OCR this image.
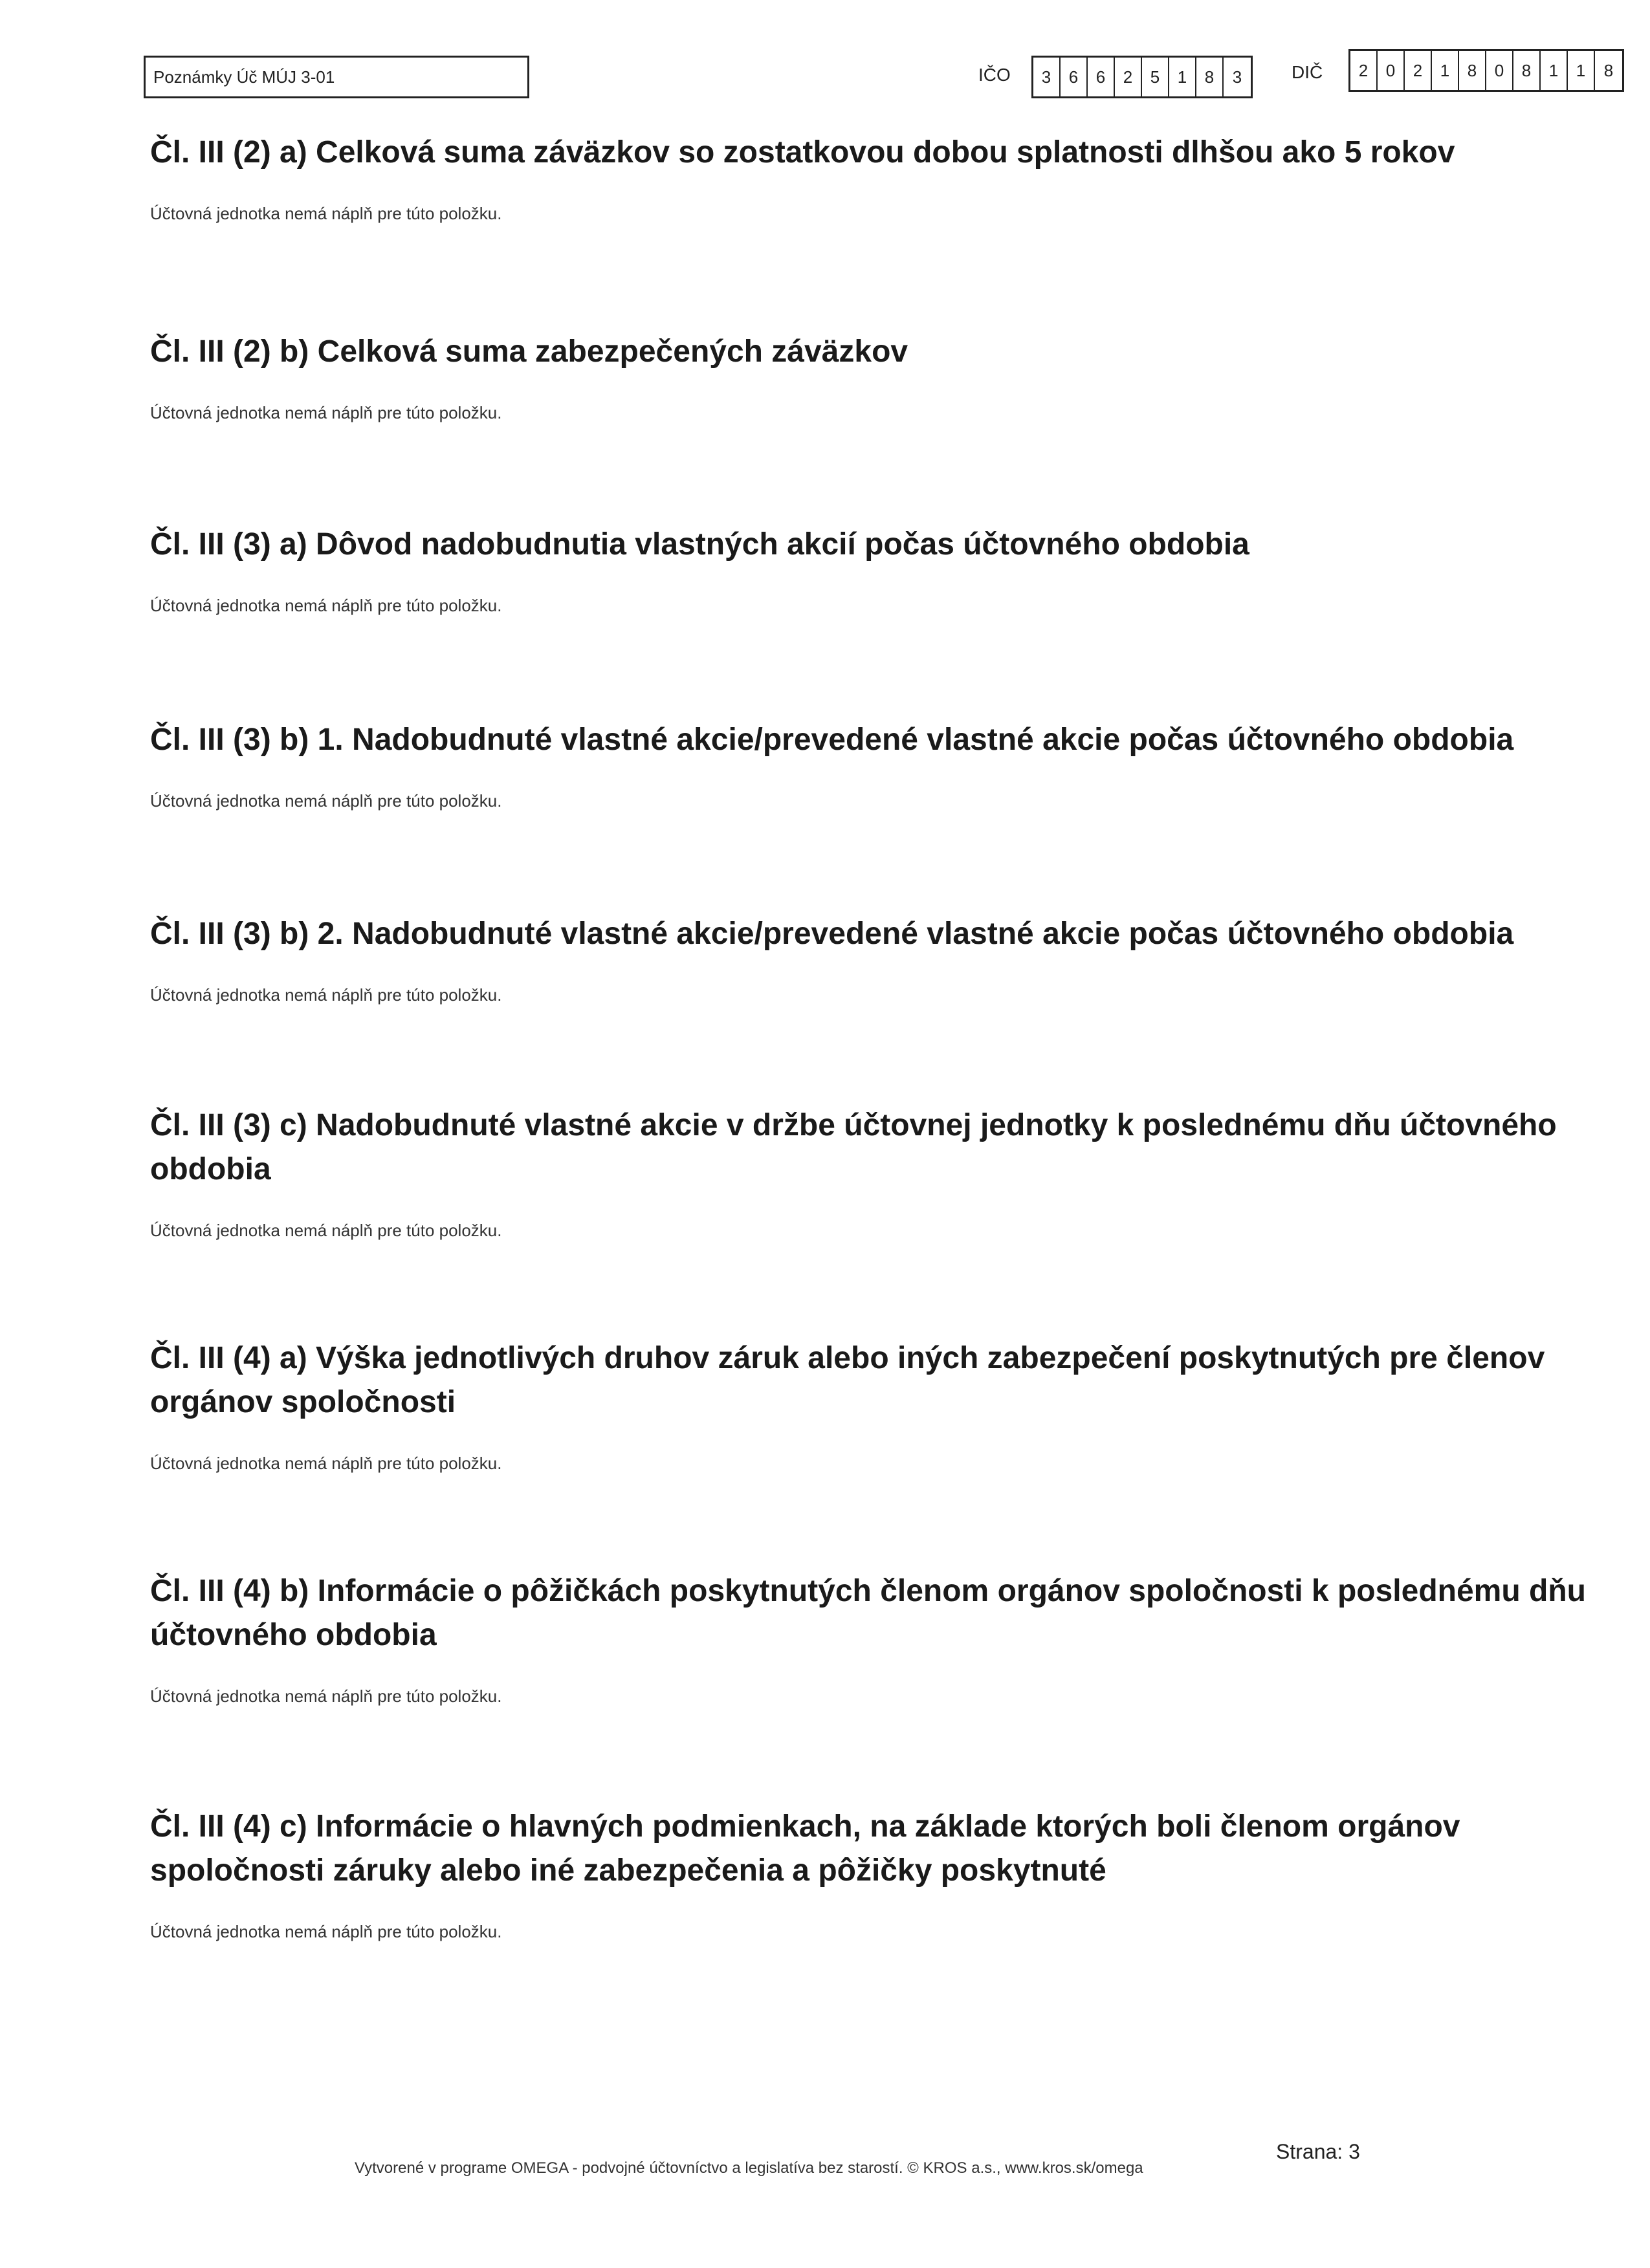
Poznámky Úč MÚJ 3-01	IČO	3	6	6	2	5	1	8	3	DIČ	2	0	2	1	8	0	8	1	1	8
Čl. III (2) a) Celková suma záväzkov so zostatkovou dobou splatnosti dlhšou ako 5 rokov
Účtovná jednotka nemá náplň pre túto položku.
Čl. III (2) b) Celková suma zabezpečených záväzkov
Účtovná jednotka nemá náplň pre túto položku.
Čl. III (3) a) Dôvod nadobudnutia vlastných akcií počas účtovného obdobia
Účtovná jednotka nemá náplň pre túto položku.
Čl. III (3) b) 1. Nadobudnuté vlastné akcie/prevedené vlastné akcie počas účtovného obdobia
Účtovná jednotka nemá náplň pre túto položku.
Čl. III (3) b) 2. Nadobudnuté vlastné akcie/prevedené vlastné akcie počas účtovného obdobia
Účtovná jednotka nemá náplň pre túto položku.
Čl. III (3) c) Nadobudnuté vlastné akcie v držbe účtovnej jednotky k poslednému dňu účtovného obdobia
Účtovná jednotka nemá náplň pre túto položku.
Čl. III (4) a) Výška jednotlivých druhov záruk alebo iných zabezpečení poskytnutých pre členov orgánov spoločnosti
Účtovná jednotka nemá náplň pre túto položku.
Čl. III (4) b) Informácie o pôžičkách poskytnutých členom orgánov spoločnosti k poslednému dňu účtovného obdobia
Účtovná jednotka nemá náplň pre túto položku.
Čl. III (4) c) Informácie o hlavných podmienkach, na základe ktorých boli členom orgánov spoločnosti záruky alebo iné zabezpečenia a pôžičky poskytnuté
Účtovná jednotka nemá náplň pre túto položku.
Vytvorené v programe OMEGA - podvojné účtovníctvo a legislatíva bez starostí. © KROS a.s., www.kros.sk/omega
Strana: 3
